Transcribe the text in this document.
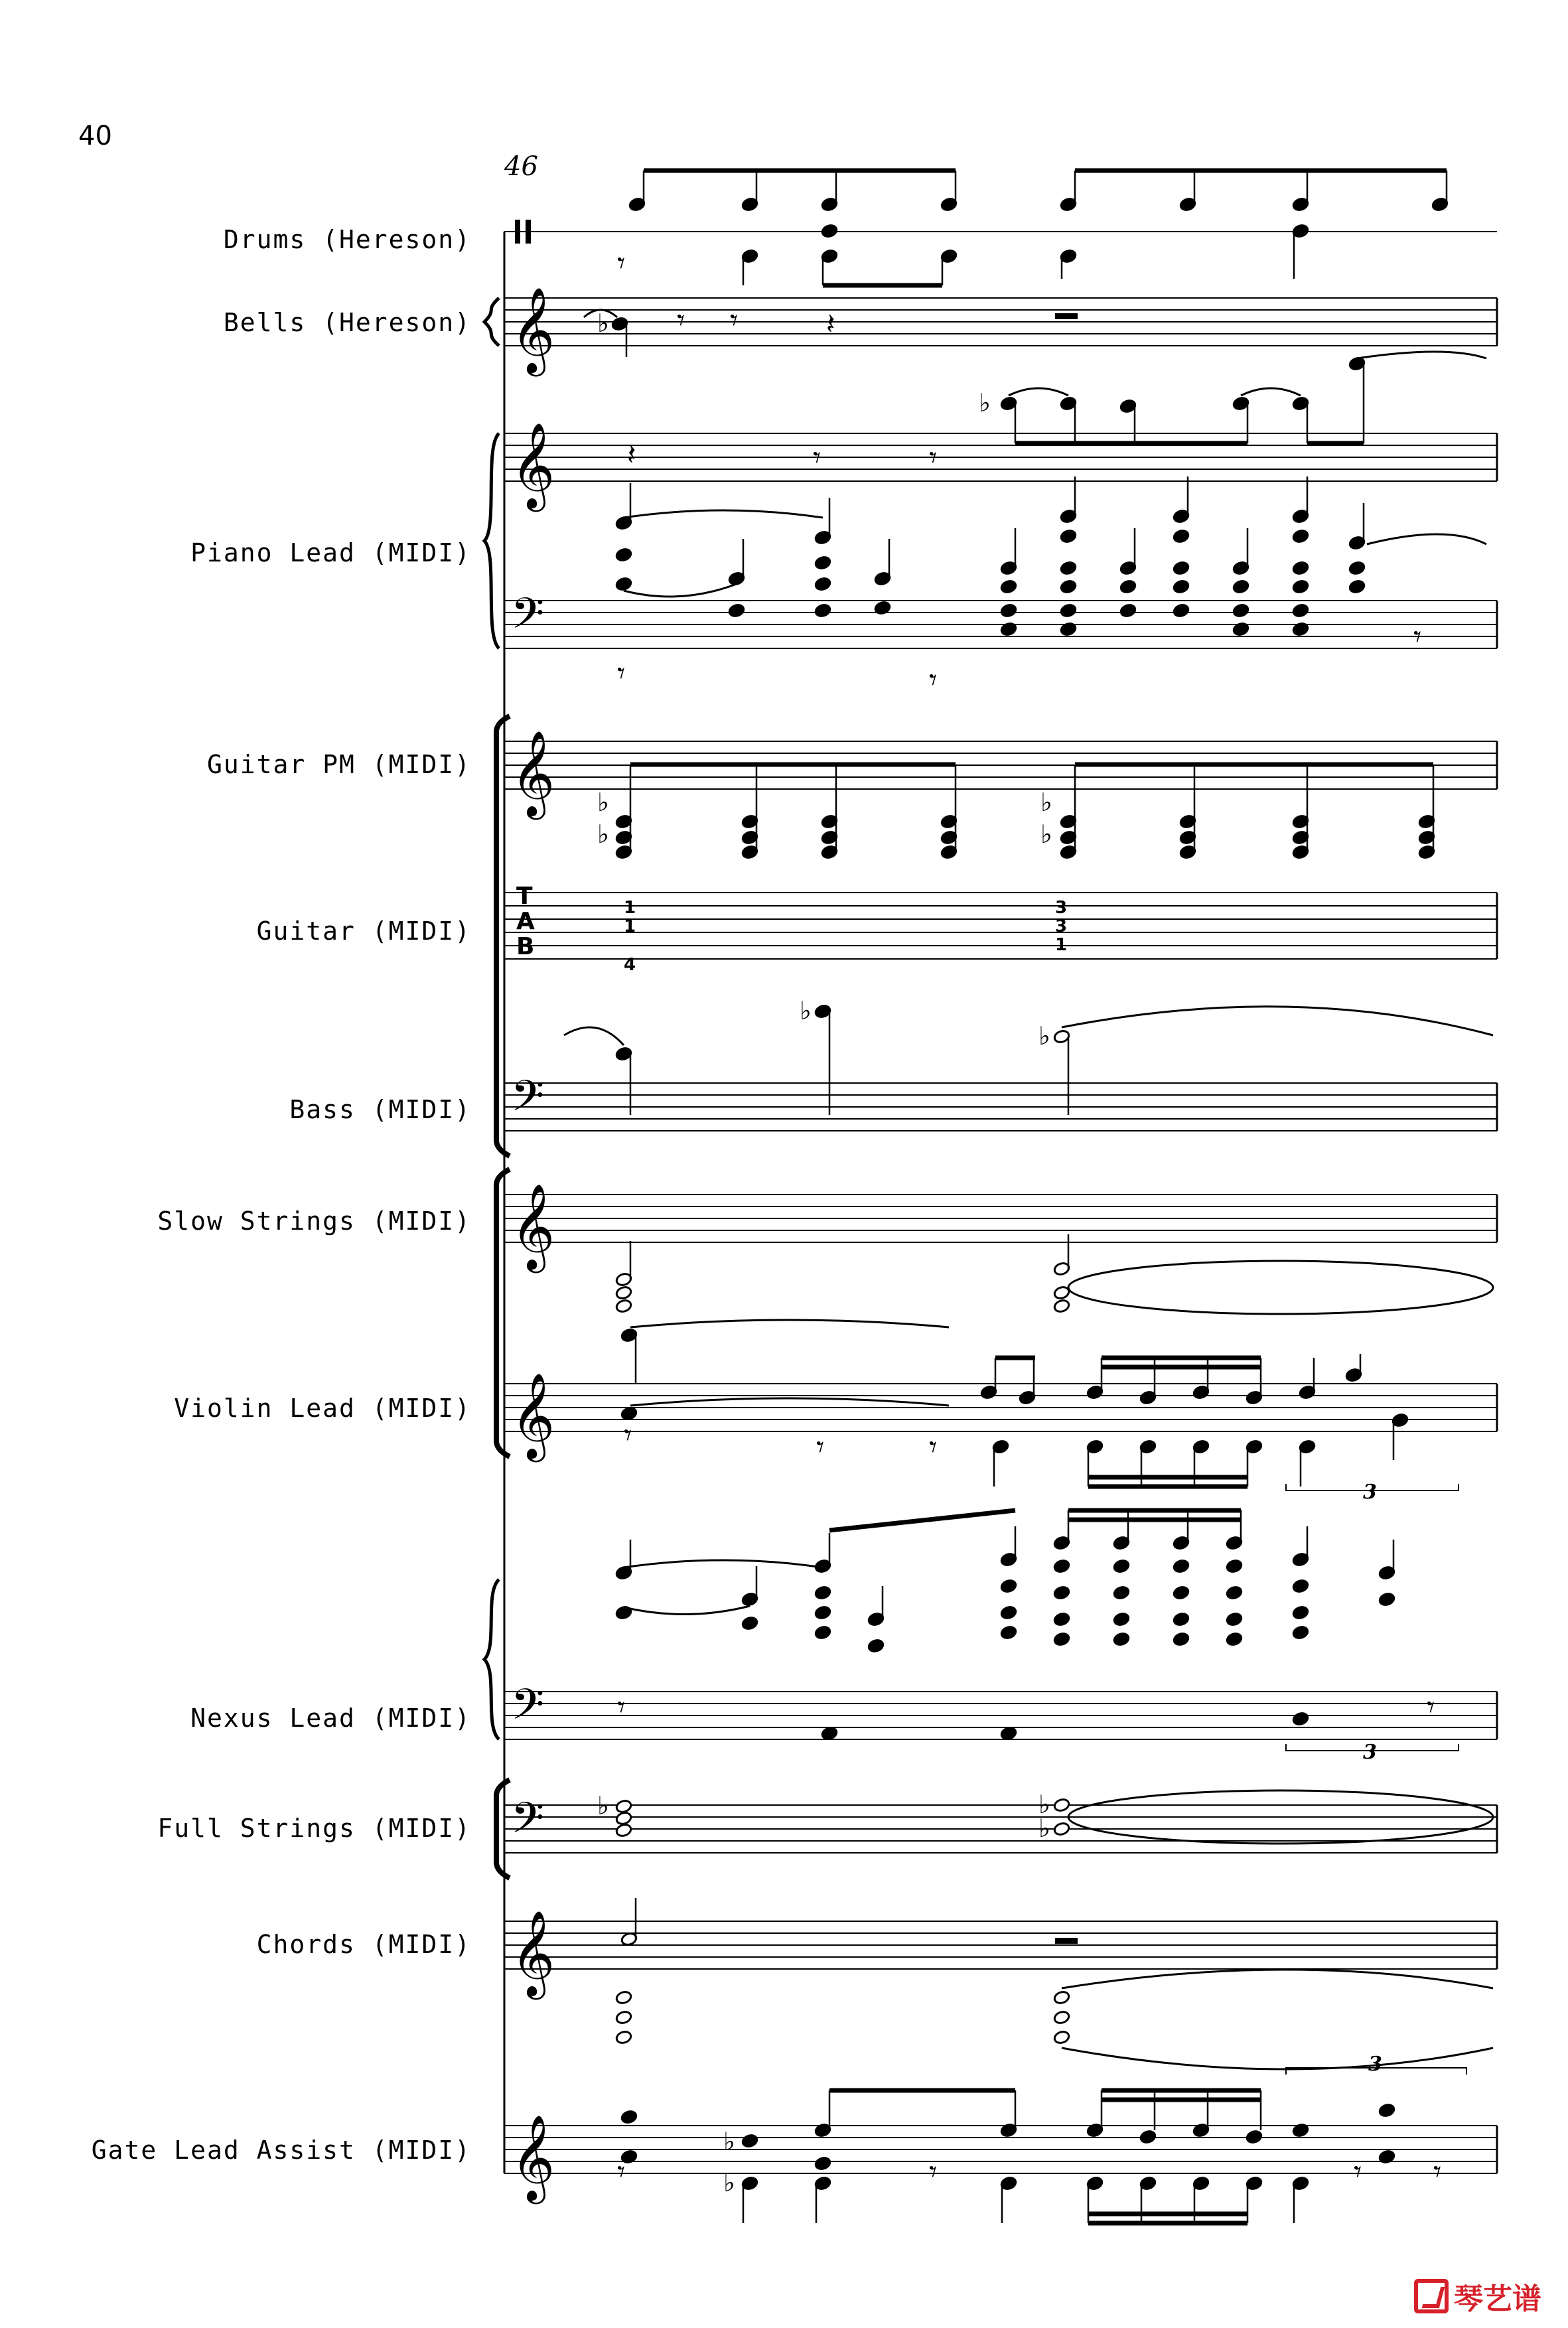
40
46
Drums (Hereson)
Bells (Hereson)
Piano Lead (MIDI)
Guitar PM (MIDI)
Guitar (MIDI)
Bass (MIDI)
Slow Strings (MIDI)
Violin Lead (MIDI)
Nexus Lead (MIDI)
Full Strings (MIDI)
Chords (MIDI)
Gate Lead Assist (MIDI)
𝄞
𝄞
𝄢
𝄞
𝄢
𝄞
𝄞
𝄢
𝄢
𝄞
𝄞
𝄾
♭ 𝄾 𝄾	𝄽
♭
𝄽	𝄾	𝄾
𝄾	𝄾
𝄾
♭
♭
♭
♭
♭
♭
𝄾	𝄾
𝄾
𝄾	𝄾
♭	♭
♭
♭
♭
𝄾	𝄾	𝄾 𝄾
T
A
B
1
1
4
3
3
1
3
3
3
琴艺谱
